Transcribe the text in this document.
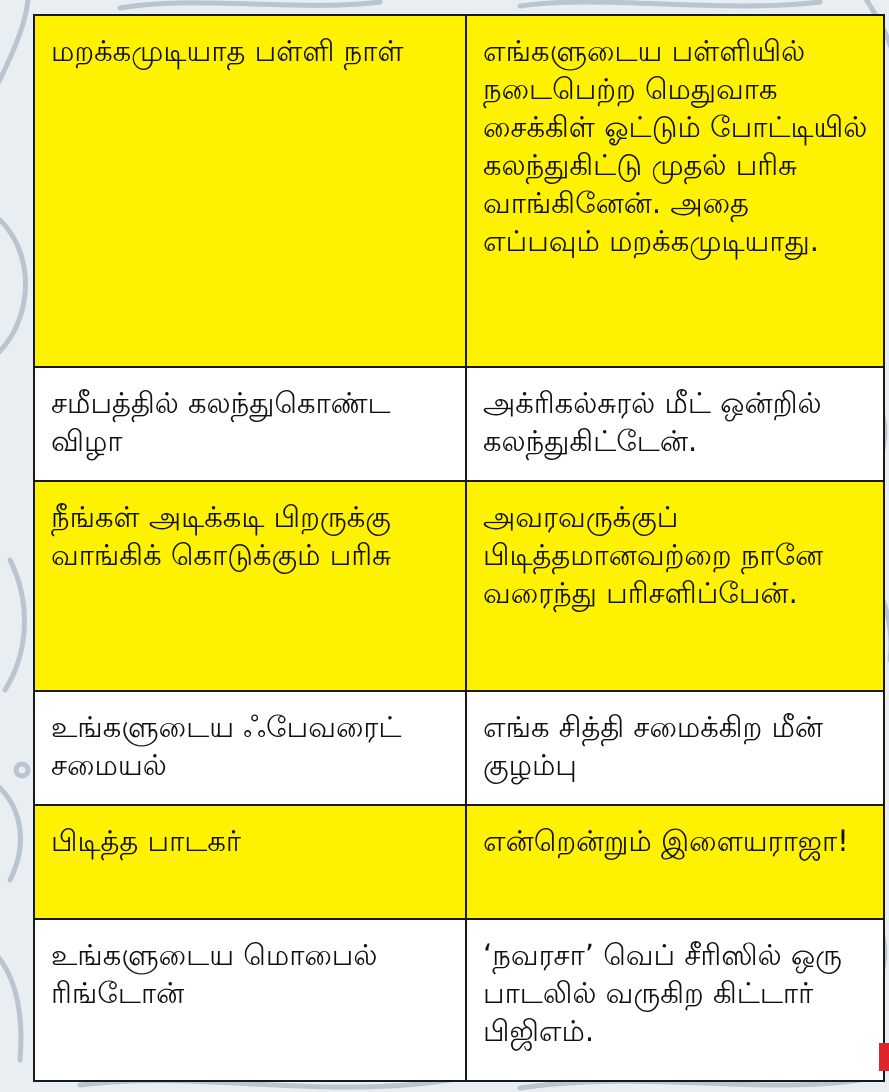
மறக்கமுடியாத பள்ளி நாள்	எங்களுடைய பள்ளியில் நடைபெற்ற மெதுவாக சைக்கிள் ஓட்டும் போட்டியில் கலந்துகிட்டு முதல் பரிசு வாங்கினேன். அதை எப்பவும் மறக்கமுடியாது.
சமீபத்தில் கலந்துகொண்ட விழா	அக்ரிகல்சுரல் மீட் ஒன்றில் கலந்துகிட்டேன்.
நீங்கள் அடிக்கடி பிறருக்கு வாங்கிக் கொடுக்கும் பரிசு	அவரவருக்குப் பிடித்தமானவற்றை நானே வரைந்து பரிசளிப்பேன்.
உங்களுடைய ஃபேவரைட் சமையல்	எங்க சித்தி சமைக்கிற மீன் குழம்பு
பிடித்த பாடகர்	என்றென்றும் இளையராஜா!
உங்களுடைய மொபைல் ரிங்டோன்	‘நவரசா’ வெப் சீரிஸில் ஒரு பாடலில் வருகிற கிட்டார் பிஜிஎம்.
